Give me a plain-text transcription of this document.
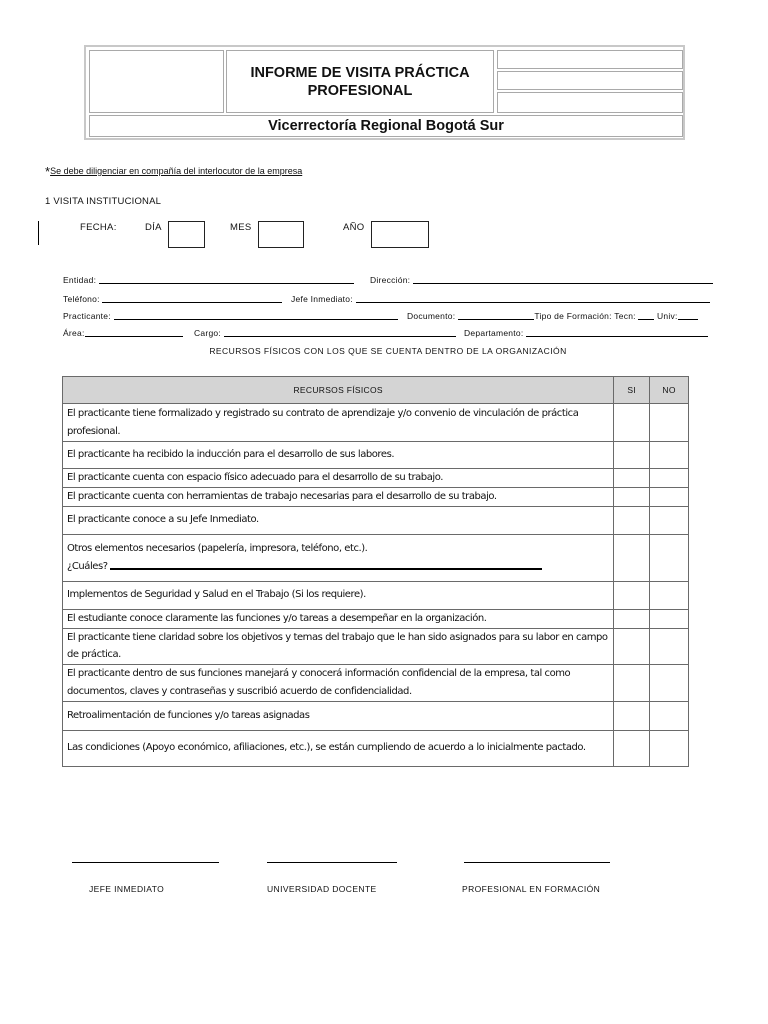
INFORME DE VISITA PRÁCTICA PROFESIONAL
Vicerrectoría Regional Bogotá Sur
*Se debe diligenciar en compañía del interlocutor de la empresa
1 VISITA INSTITUCIONAL
FECHA:	DÍA	MES	AÑO
Entidad:	Dirección:
Teléfono:	Jefe Inmediato:
Practicante:	Documento:	Tipo de Formación: Tecn:	Univ:
Área:	Cargo:	Departamento:
RECURSOS FÍSICOS CON LOS QUE SE CUENTA DENTRO DE LA ORGANIZACIÓN
RECURSOS FÍSICOS	SI	NO
El practicante tiene formalizado y registrado su contrato de aprendizaje y/o convenio de vinculación de práctica profesional.		
El practicante ha recibido la inducción para el desarrollo de sus labores.		
El practicante cuenta con espacio físico adecuado para el desarrollo de su trabajo.		
El practicante cuenta con herramientas de trabajo necesarias para el desarrollo de su trabajo.		
El practicante conoce a su Jefe Inmediato.		

Otros elementos necesarios (papelería, impresora, teléfono, etc.).
¿Cuáles?		

Implementos de Seguridad y Salud en el Trabajo (Si los requiere).		
El estudiante conoce claramente las funciones y/o tareas a desempeñar en la organización.		
El practicante tiene claridad sobre los objetivos y temas del trabajo que le han sido asignados para su labor en campo de práctica.		
El practicante dentro de sus funciones manejará y conocerá información confidencial de la empresa, tal como documentos, claves y contraseñas y suscribió acuerdo de confidencialidad.		
Retroalimentación de funciones y/o tareas asignadas		
Las condiciones (Apoyo económico, afiliaciones, etc.), se están cumpliendo de acuerdo a lo inicialmente pactado.		
JEFE INMEDIATO	UNIVERSIDAD DOCENTE	PROFESIONAL EN FORMACIÓN
